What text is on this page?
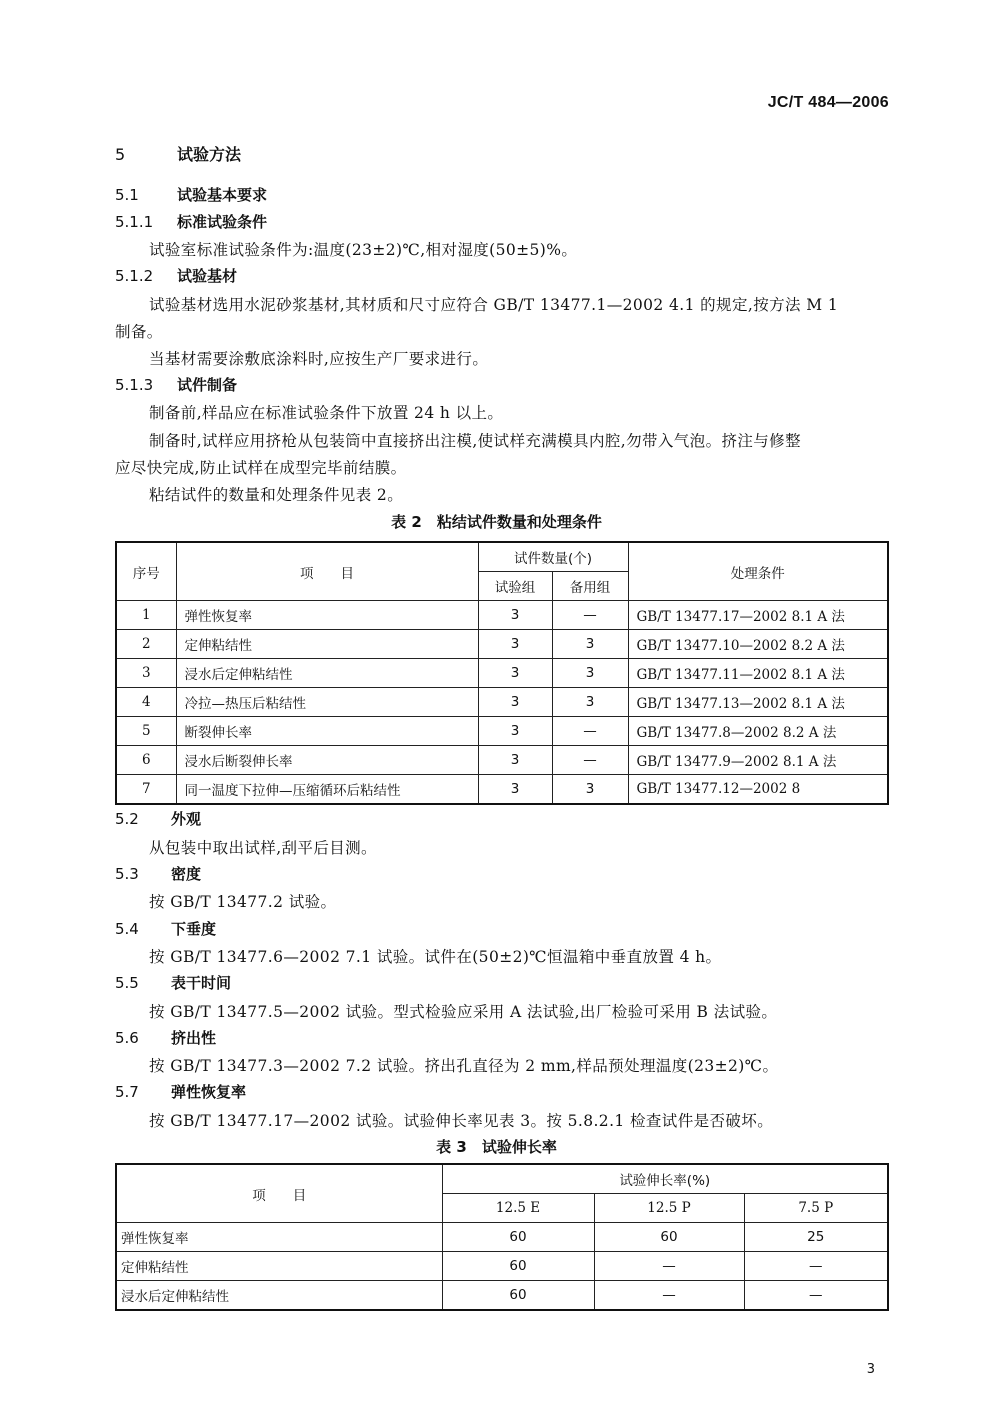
JC/T 484—2006
5	试验方法
5.1	试验基本要求
5.1.1 标准试验条件
试验室标准试验条件为:温度(23±2)℃,相对湿度(50±5)%。
5.1.2 试验基材
试验基材选用水泥砂浆基材,其材质和尺寸应符合 GB/T 13477.1—2002 4.1 的规定,按方法 M 1
制备。
当基材需要涂敷底涂料时,应按生产厂要求进行。
5.1.3 试件制备
制备前,样品应在标准试验条件下放置 24 h 以上。
制备时,试样应用挤枪从包装筒中直接挤出注模,使试样充满模具内腔,勿带入气泡。挤注与修整
应尽快完成,防止试样在成型完毕前结膜。
粘结试件的数量和处理条件见表 2。
表 2　粘结试件数量和处理条件
序号	项　　目	试件数量(个)		处理条件
		试验组	备用组	
1	弹性恢复率	3	—	GB/T 13477.17—2002 8.1 A 法
2	定伸粘结性	3	3	GB/T 13477.10—2002 8.2 A 法
3	浸水后定伸粘结性	3	3	GB/T 13477.11—2002 8.1 A 法
4	冷拉—热压后粘结性	3	3	GB/T 13477.13—2002 8.1 A 法
5	断裂伸长率	3	—	GB/T 13477.8—2002 8.2 A 法
6	浸水后断裂伸长率	3	—	GB/T 13477.9—2002 8.1 A 法
7	同一温度下拉伸—压缩循环后粘结性	3	3	GB/T 13477.12—2002 8
5.2 外观
从包装中取出试样,刮平后目测。
5.3 密度
按 GB/T 13477.2 试验。
5.4 下垂度
按 GB/T 13477.6—2002 7.1 试验。试件在(50±2)℃恒温箱中垂直放置 4 h。
5.5 表干时间
按 GB/T 13477.5—2002 试验。型式检验应采用 A 法试验,出厂检验可采用 B 法试验。
5.6 挤出性
按 GB/T 13477.3—2002 7.2 试验。挤出孔直径为 2 mm,样品预处理温度(23±2)℃。
5.7 弹性恢复率
按 GB/T 13477.17—2002 试验。试验伸长率见表 3。按 5.8.2.1 检查试件是否破坏。
表 3　试验伸长率
项　　目	试验伸长率(%)		
	12.5 E	12.5 P	7.5 P
弹性恢复率	60	60	25
定伸粘结性	60	—	—
浸水后定伸粘结性	60	—	—
3
